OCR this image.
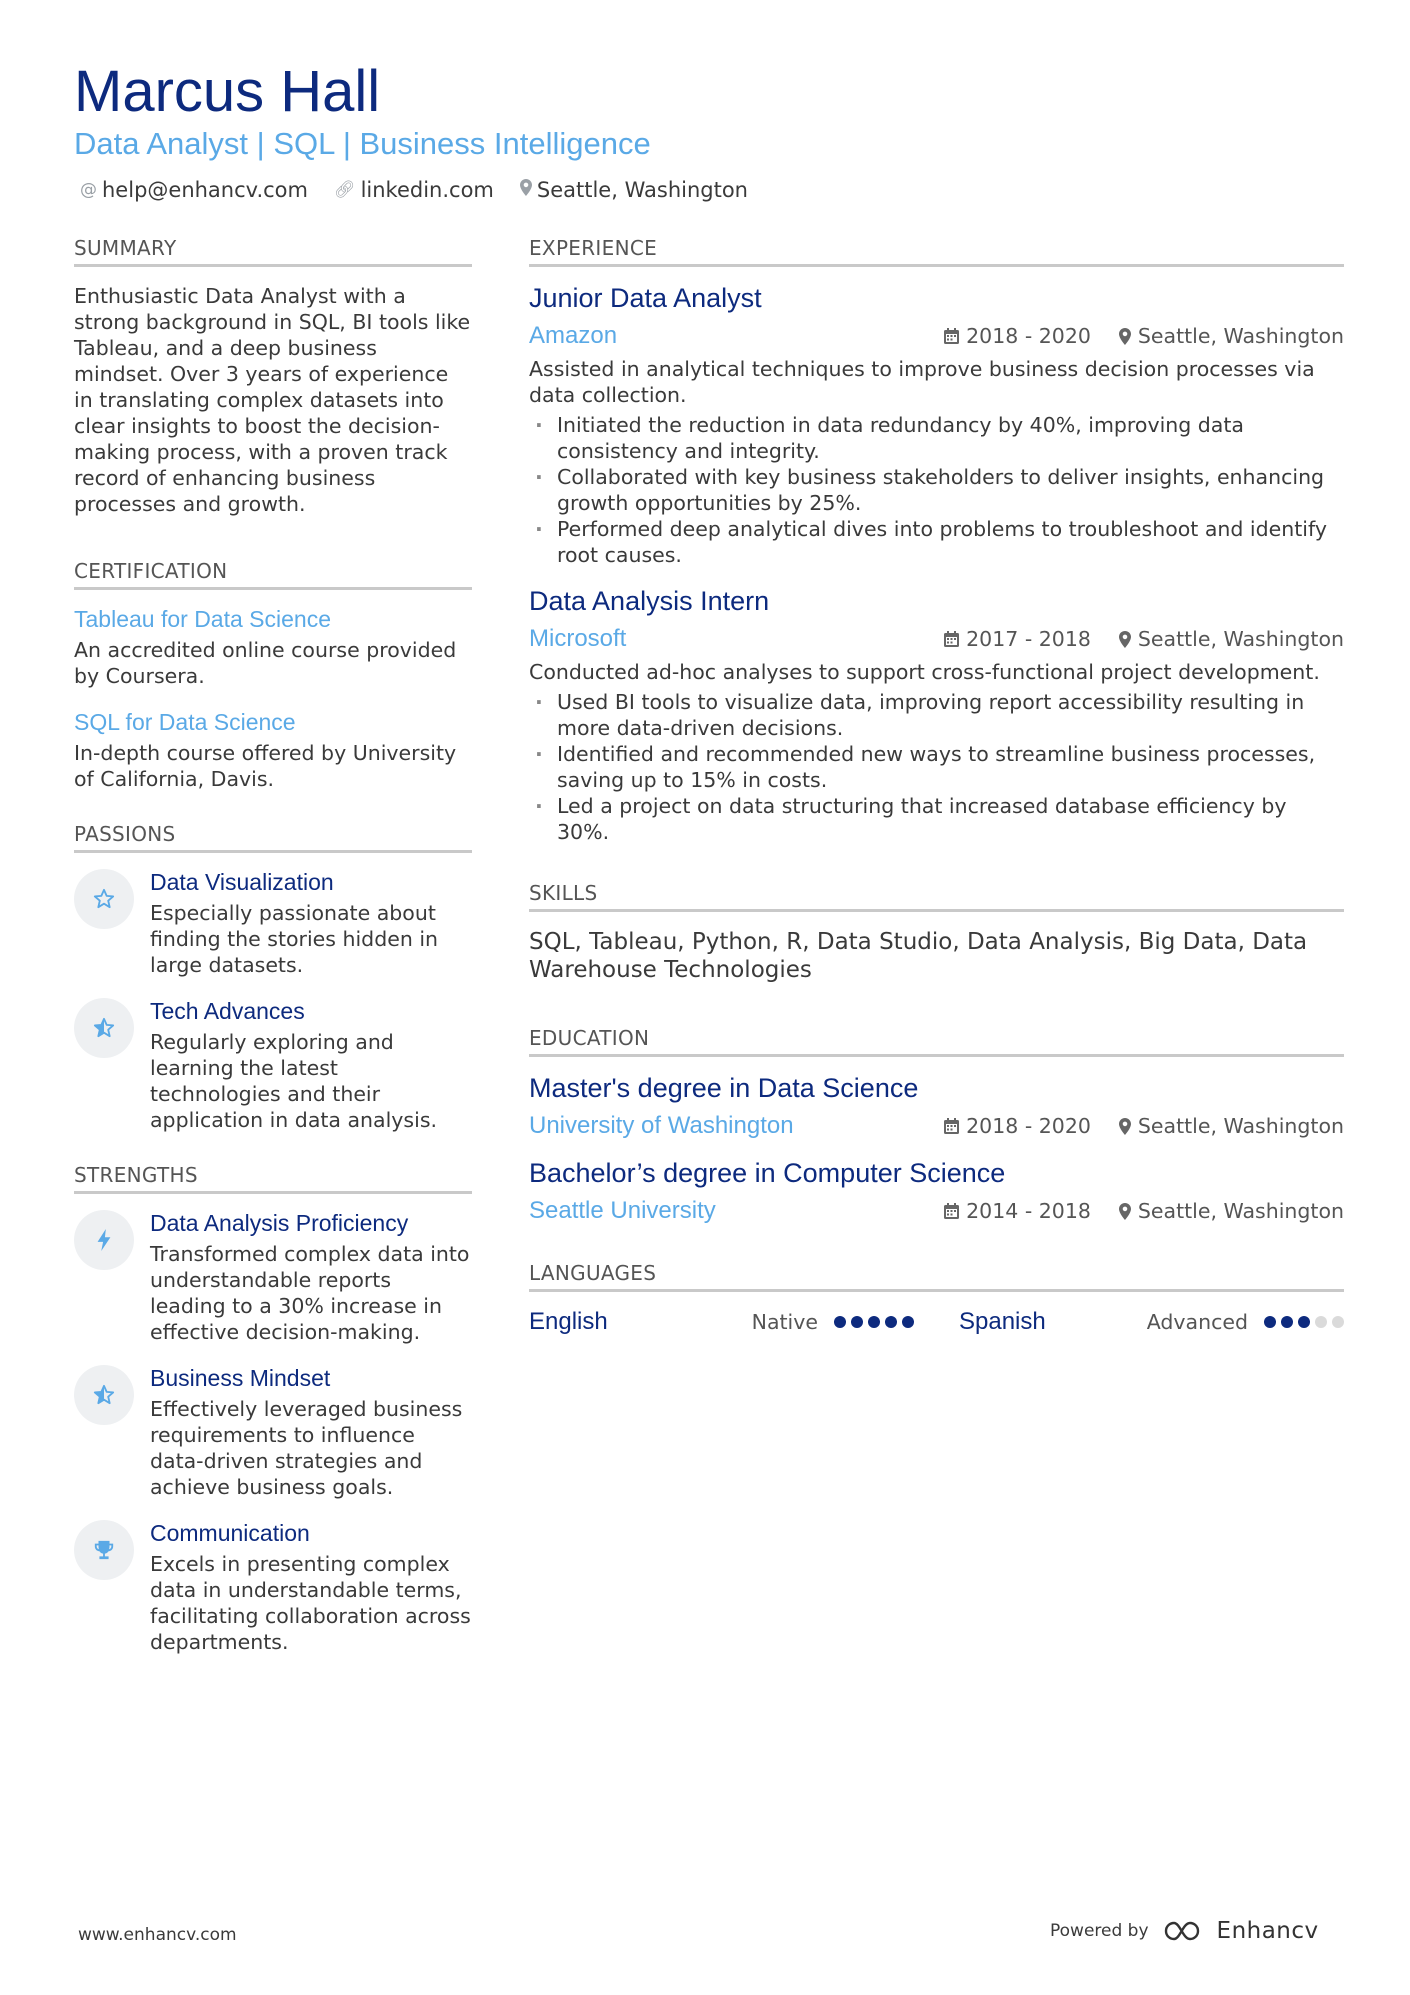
Marcus Hall
Data Analyst | SQL | Business Intelligence
@ help@enhancv.com 🔗︎ linkedin.com Seattle, Washington
SUMMARY
Enthusiastic Data Analyst with a strong background in SQL, BI tools like Tableau, and a deep business mindset. Over 3 years of experience in translating complex datasets into clear insights to boost the decision-making process, with a proven track record of enhancing business processes and growth.
CERTIFICATION
Tableau for Data Science
An accredited online course provided by Coursera.
SQL for Data Science
In-depth course offered by University of California, Davis.
PASSIONS
Data Visualization
Especially passionate about finding the stories hidden in large datasets.
Tech Advances
Regularly exploring and learning the latest technologies and their application in data analysis.
STRENGTHS
Data Analysis Proficiency
Transformed complex data into understandable reports leading to a 30% increase in effective decision-making.
Business Mindset
Effectively leveraged business requirements to influence data-driven strategies and achieve business goals.
Communication
Excels in presenting complex data in understandable terms, facilitating collaboration across departments.
EXPERIENCE
Junior Data Analyst
Amazon	2018 - 2020 Seattle, Washington
Assisted in analytical techniques to improve business decision processes via data collection.
· Initiated the reduction in data redundancy by 40%, improving data consistency and integrity.
· Collaborated with key business stakeholders to deliver insights, enhancing growth opportunities by 25%.
· Performed deep analytical dives into problems to troubleshoot and identify root causes.
Data Analysis Intern
Microsoft	2017 - 2018 Seattle, Washington
Conducted ad-hoc analyses to support cross-functional project development.
· Used BI tools to visualize data, improving report accessibility resulting in more data-driven decisions.
· Identified and recommended new ways to streamline business processes, saving up to 15% in costs.
· Led a project on data structuring that increased database efficiency by 30%.
SKILLS
SQL, Tableau, Python, R, Data Studio, Data Analysis, Big Data, Data Warehouse Technologies
EDUCATION
Master's degree in Data Science
University of Washington	2018 - 2020 Seattle, Washington
Bachelor’s degree in Computer Science
Seattle University	2014 - 2018 Seattle, Washington
LANGUAGES
English	Native	Spanish	Advanced
www.enhancv.com	Powered by	Enhancv
